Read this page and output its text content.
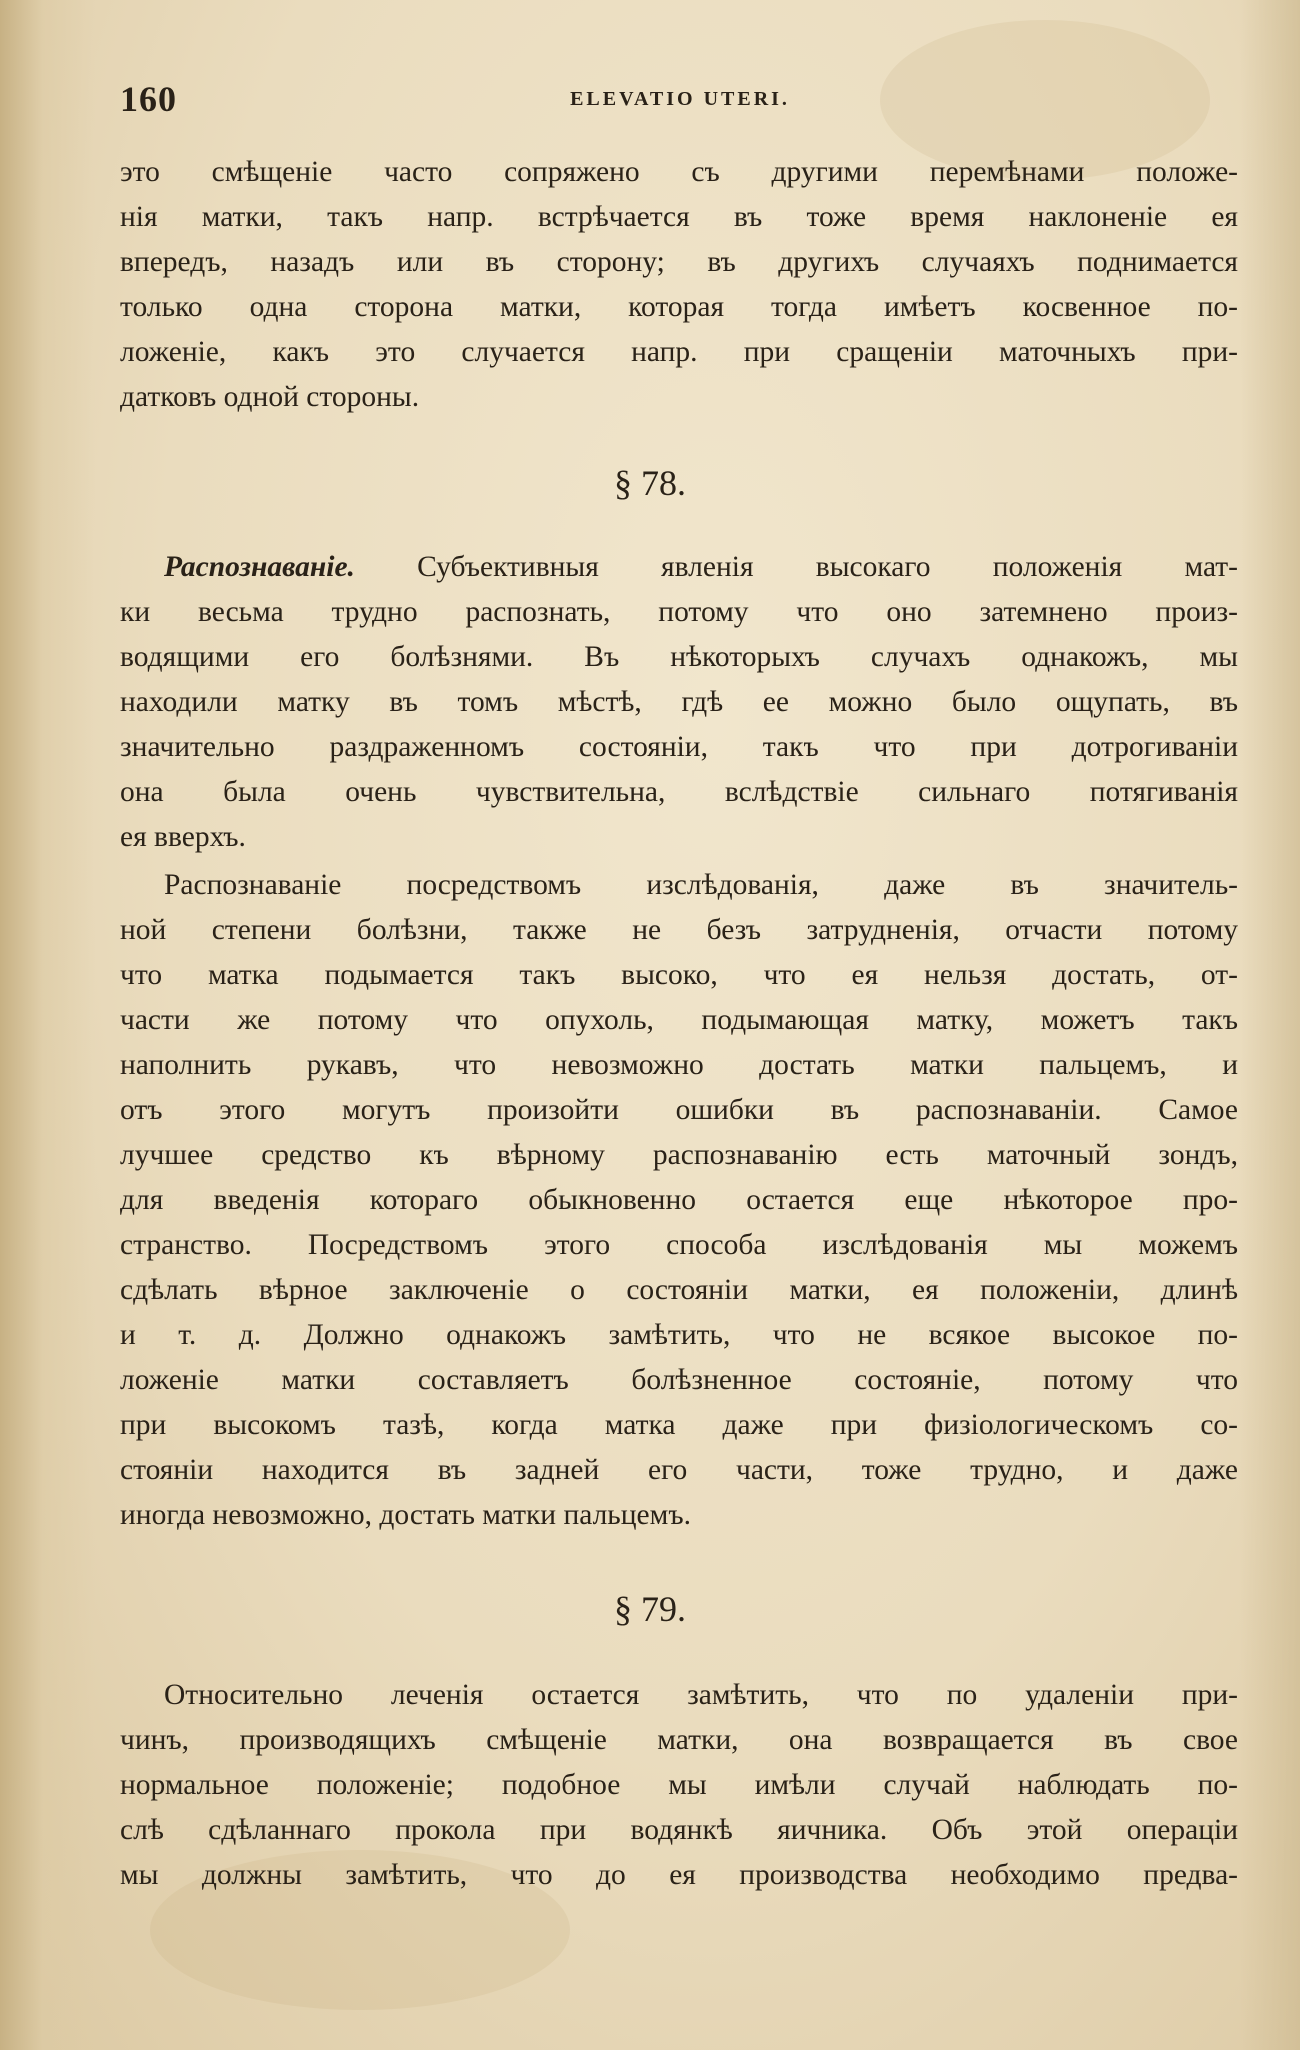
160	ELEVATIO UTERI.
это смѣщеніе часто сопряжено съ другими перемѣнами положе-
нія матки, такъ напр. встрѣчается въ тоже время наклоненіе ея
впередъ, назадъ или въ сторону; въ другихъ случаяхъ поднимается
только одна сторона матки, которая тогда имѣетъ косвенное по-
ложеніе, какъ это случается напр. при сращеніи маточныхъ при-
датковъ одной стороны.
§ 78.
Распознаваніе. Субъективныя явленія высокаго положенія мат-
ки весьма трудно распознать, потому что оно затемнено произ-
водящими его болѣзнями. Въ нѣкоторыхъ случахъ однакожъ, мы
находили матку въ томъ мѣстѣ, гдѣ ее можно было ощупать, въ
значительно раздраженномъ состояніи, такъ что при дотрогиваніи
она была очень чувствительна, вслѣдствіе сильнаго потягиванія
ея вверхъ.
Распознаваніе посредствомъ изслѣдованія, даже въ значитель-
ной степени болѣзни, также не безъ затрудненія, отчасти потому
что матка подымается такъ высоко, что ея нельзя достать, от-
части же потому что опухоль, подымающая матку, можетъ такъ
наполнить рукавъ, что невозможно достать матки пальцемъ, и
отъ этого могутъ произойти ошибки въ распознаваніи. Самое
лучшее средство къ вѣрному распознаванію есть маточный зондъ,
для введенія котораго обыкновенно остается еще нѣкоторое про-
странство. Посредствомъ этого способа изслѣдованія мы можемъ
сдѣлать вѣрное заключеніе о состояніи матки, ея положеніи, длинѣ
и т. д. Должно однакожъ замѣтить, что не всякое высокое по-
ложеніе матки составляетъ болѣзненное состояніе, потому что
при высокомъ тазѣ, когда матка даже при физіологическомъ со-
стояніи находится въ задней его части, тоже трудно, и даже
иногда невозможно, достать матки пальцемъ.
§ 79.
Относительно леченія остается замѣтить, что по удаленіи при-
чинъ, производящихъ смѣщеніе матки, она возвращается въ свое
нормальное положеніе; подобное мы имѣли случай наблюдать по-
слѣ сдѣланнаго прокола при водянкѣ яичника. Объ этой операціи
мы должны замѣтить, что до ея производства необходимо предва-
